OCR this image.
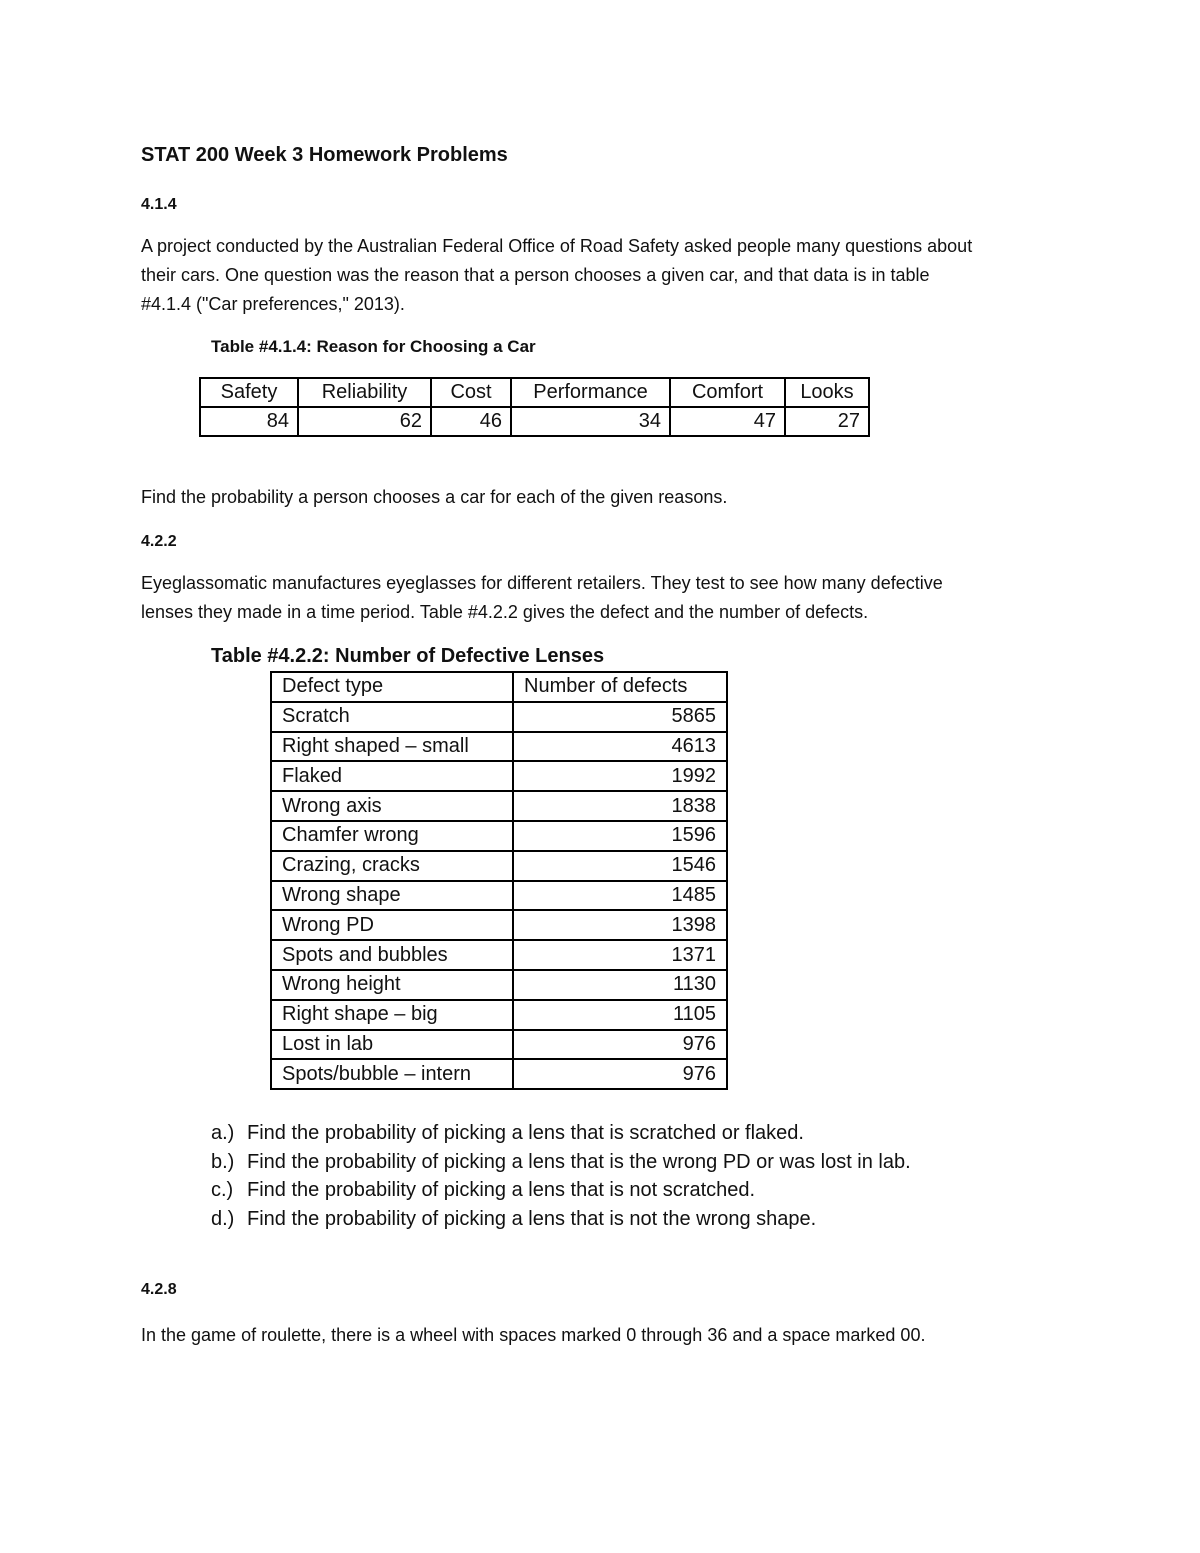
STAT 200 Week 3 Homework Problems
4.1.4

A project conducted by the Australian Federal Office of Road Safety asked people many questions about

their cars. One question was the reason that a person chooses a given car, and that data is in table

#4.1.4 ("Car preferences," 2013).

Table #4.1.4: Reason for Choosing a Car
Safety	Reliability	Cost	Performance	Comfort	Looks
84	62	46	34	47	27
Find the probability a person chooses a car for each of the given reasons.
4.2.2

Eyeglassomatic manufactures eyeglasses for different retailers. They test to see how many defective

lenses they made in a time period. Table #4.2.2 gives the defect and the number of defects.

Table #4.2.2: Number of Defective Lenses
Defect type	Number of defects
Scratch	5865
Right shaped – small	4613
Flaked	1992
Wrong axis	1838
Chamfer wrong	1596
Crazing, cracks	1546
Wrong shape	1485
Wrong PD	1398
Spots and bubbles	1371
Wrong height	1130
Right shape – big	1105
Lost in lab	976
Spots/bubble – intern	976
a.) Find the probability of picking a lens that is scratched or flaked.
b.) Find the probability of picking a lens that is the wrong PD or was lost in lab.
c.) Find the probability of picking a lens that is not scratched.
d.) Find the probability of picking a lens that is not the wrong shape.
4.2.8
In the game of roulette, there is a wheel with spaces marked 0 through 36 and a space marked 00.
